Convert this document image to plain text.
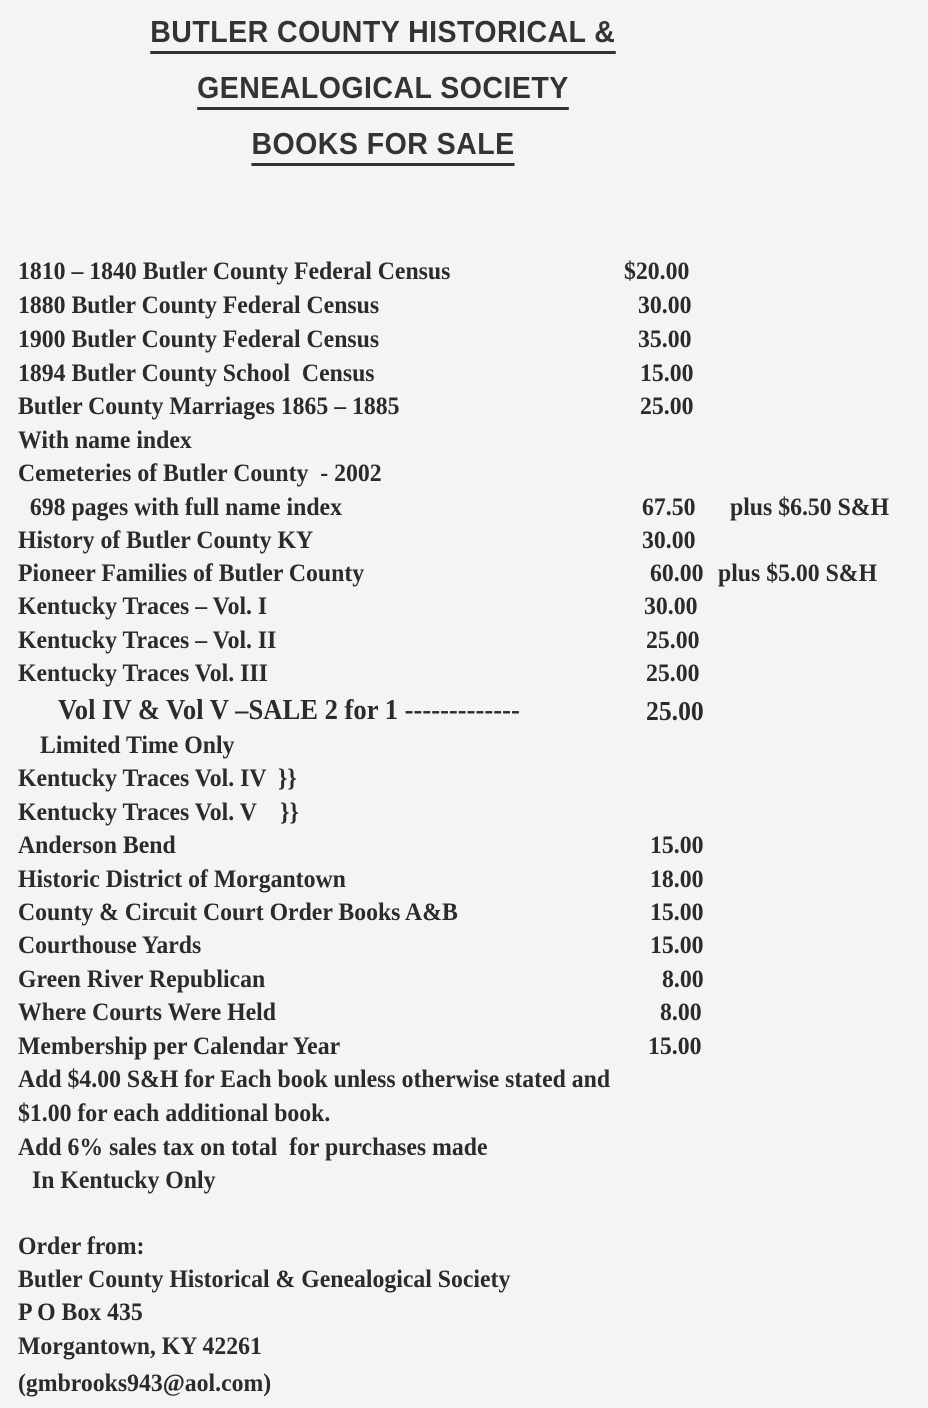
BUTLER COUNTY HISTORICAL &
GENEALOGICAL SOCIETY
BOOKS FOR SALE
1810 – 1840 Butler County Federal Census	$20.00
1880 Butler County Federal Census	30.00
1900 Butler County Federal Census	35.00
1894 Butler County School  Census	15.00
Butler County Marriages 1865 – 1885	25.00
With name index
Cemeteries of Butler County  - 2002
698 pages with full name index	67.50 plus $6.50 S&H
History of Butler County KY	30.00
Pioneer Families of Butler County	60.00 plus $5.00 S&H
Kentucky Traces – Vol. I	30.00
Kentucky Traces – Vol. II	25.00
Kentucky Traces Vol. III	25.00
Vol IV & Vol V –SALE 2 for 1 -------------	25.00
Limited Time Only
Kentucky Traces Vol. IV  }}
Kentucky Traces Vol. V    }}
Anderson Bend	15.00
Historic District of Morgantown	18.00
County & Circuit Court Order Books A&B	15.00
Courthouse Yards	15.00
Green River Republican	8.00
Where Courts Were Held	8.00
Membership per Calendar Year	15.00
Add $4.00 S&H for Each book unless otherwise stated and
$1.00 for each additional book.
Add 6% sales tax on total  for purchases made
In Kentucky Only
Order from:
Butler County Historical & Genealogical Society
P O Box 435
Morgantown, KY 42261
(gmbrooks943@aol.com)
